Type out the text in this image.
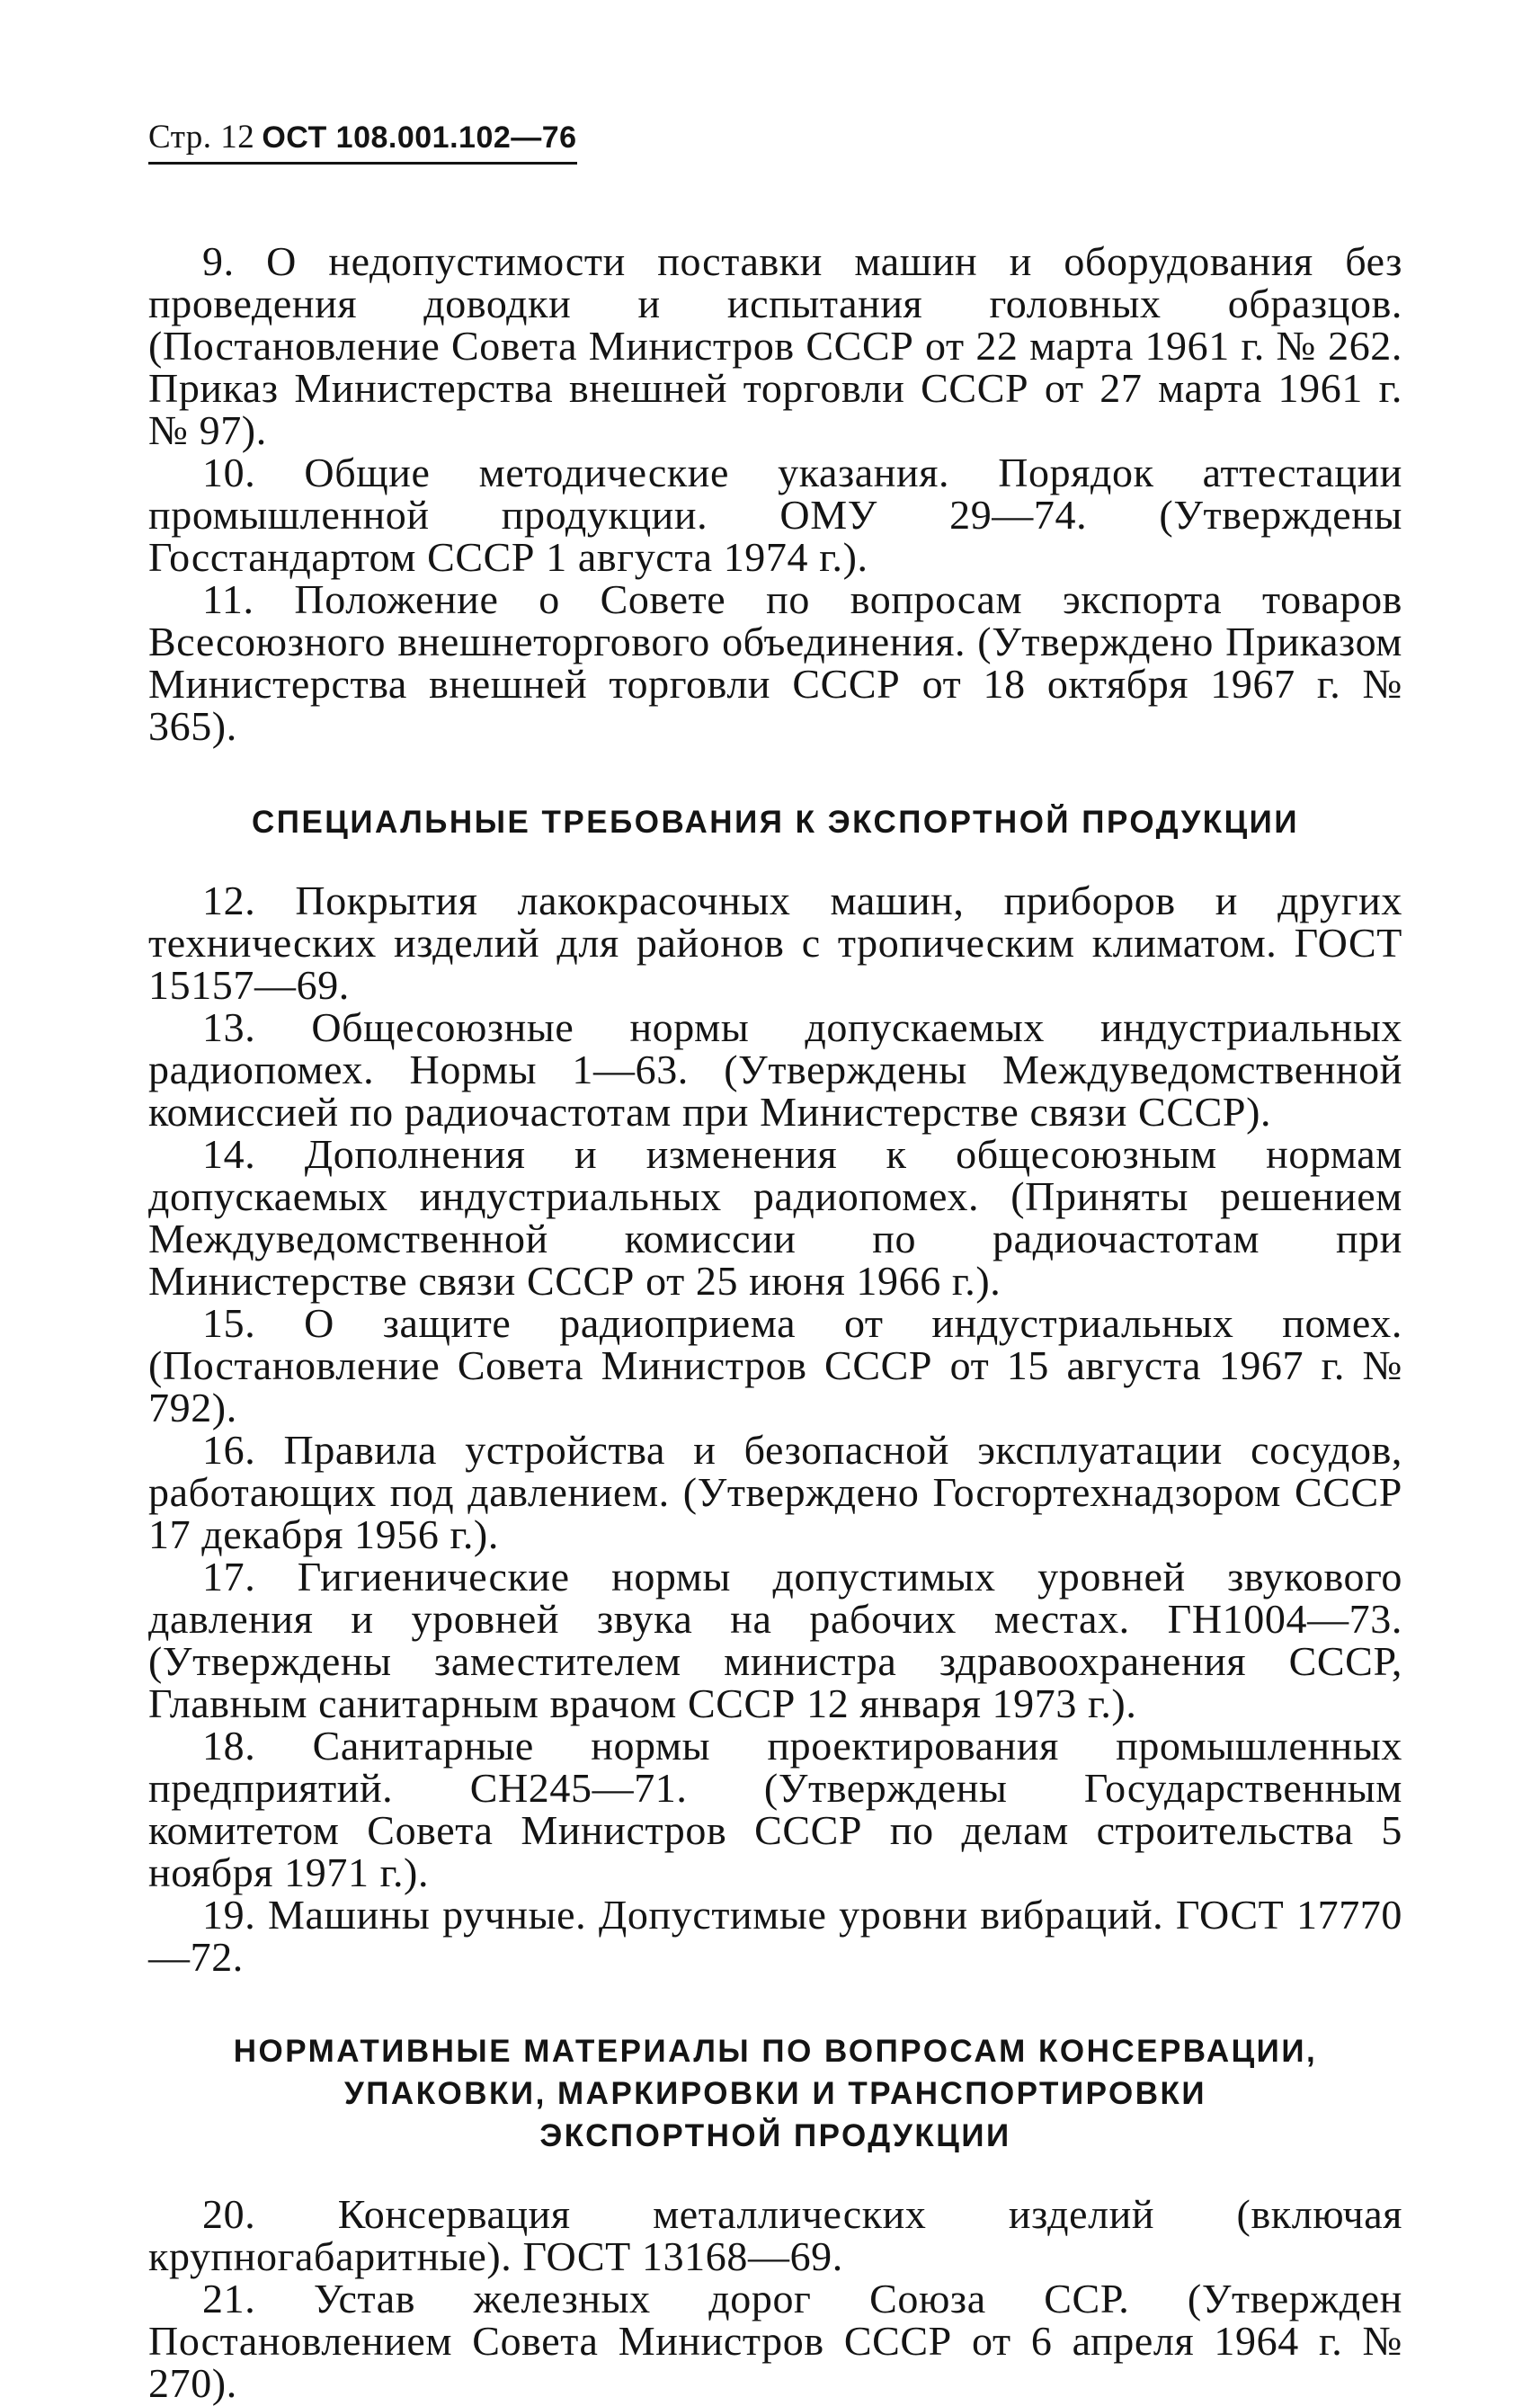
Стр. 12 ОСТ 108.001.102—76

9. О недопустимости поставки машин и оборудования без проведения доводки и испытания головных образцов. (Постановление Совета Министров СССР от 22 марта 1961 г. № 262. Приказ Министерства внешней торговли СССР от 27 марта 1961 г. № 97).

10. Общие методические указания. Порядок аттестации промышленной продукции. ОМУ 29—74. (Утверждены Госстандартом СССР 1 августа 1974 г.).

11. Положение о Совете по вопросам экспорта товаров Всесоюзного внешнеторгового объединения. (Утверждено Приказом Министерства внешней торговли СССР от 18 октября 1967 г. № 365).

СПЕЦИАЛЬНЫЕ ТРЕБОВАНИЯ К ЭКСПОРТНОЙ ПРОДУКЦИИ

12. Покрытия лакокрасочных машин, приборов и других технических изделий для районов с тропическим климатом. ГОСТ 15157—69.

13. Общесоюзные нормы допускаемых индустриальных радиопомех. Нормы 1—63. (Утверждены Междуведомственной комиссией по радиочастотам при Министерстве связи СССР).

14. Дополнения и изменения к общесоюзным нормам допускаемых индустриальных радиопомех. (Приняты решением Междуведомственной комиссии по радиочастотам при Министерстве связи СССР от 25 июня 1966 г.).

15. О защите радиоприема от индустриальных помех. (Постановление Совета Министров СССР от 15 августа 1967 г. № 792).

16. Правила устройства и безопасной эксплуатации сосудов, работающих под давлением. (Утверждено Госгортехнадзором СССР 17 декабря 1956 г.).

17. Гигиенические нормы допустимых уровней звукового давления и уровней звука на рабочих местах. ГН1004—73. (Утверждены заместителем министра здравоохранения СССР, Главным санитарным врачом СССР 12 января 1973 г.).

18. Санитарные нормы проектирования промышленных предприятий. СН245—71. (Утверждены Государственным комитетом Совета Министров СССР по делам строительства 5 ноября 1971 г.).

19. Машины ручные. Допустимые уровни вибраций. ГОСТ 17770—72.

НОРМАТИВНЫЕ МАТЕРИАЛЫ ПО ВОПРОСАМ КОНСЕРВАЦИИ,
УПАКОВКИ, МАРКИРОВКИ И ТРАНСПОРТИРОВКИ
ЭКСПОРТНОЙ ПРОДУКЦИИ

20. Консервация металлических изделий (включая крупногабаритные). ГОСТ 13168—69.

21. Устав железных дорог Союза ССР. (Утвержден Постановлением Совета Министров СССР от 6 апреля 1964 г. № 270).
